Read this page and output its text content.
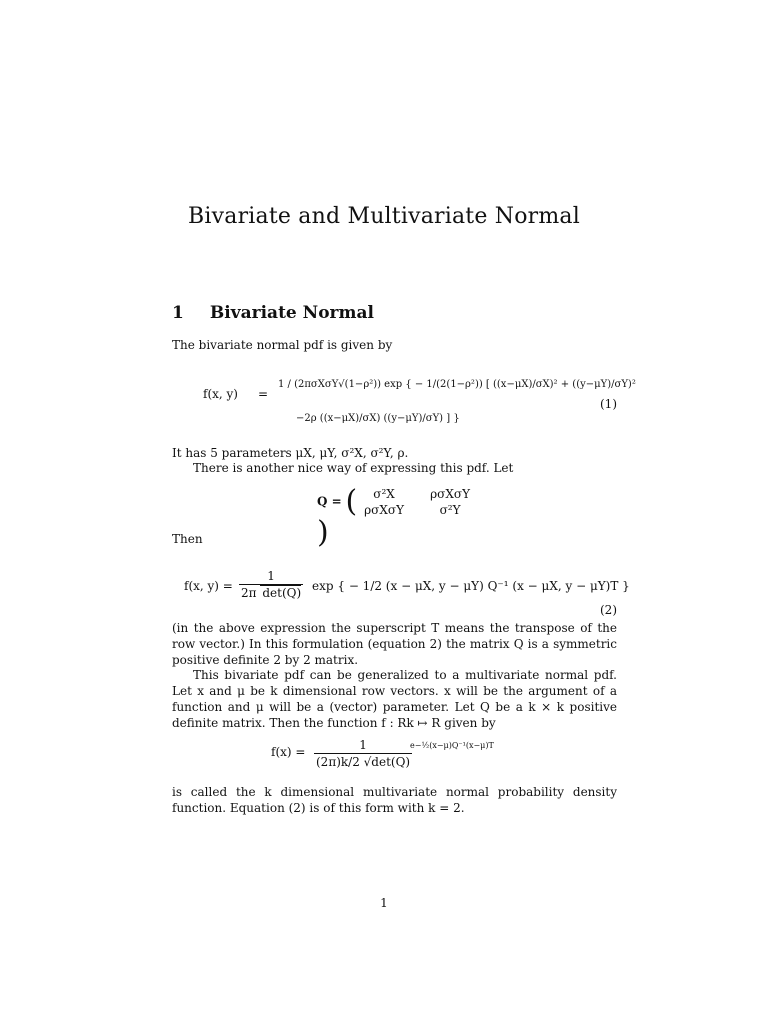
Bivariate and Multivariate Normal
1 Bivariate Normal
The bivariate normal pdf is given by
f(x, y) =
1 / (2πσXσY√(1−ρ²)) exp { − 1/(2(1−ρ²)) [ ((x−μX)/σX)² + ((y−μY)/σY)²
−2ρ ((x−μX)/σX) ((y−μY)/σY) ] }
(1)
It has 5 parameters μX, μY, σ²X, σ²Y, ρ.
There is another nice way of expressing this pdf. Let
Q = (	σ²X	ρσXσY
ρσXσY	σ²Y
)
Then
f(x, $y) = \frac{1}{\text{2π det(Q)}}$ exp { − 1/2 (x − μX, y − μY) Q⁻¹ (x − μX, y − μY)T }
(2)
(in the above expression the superscript T means the transpose of the row vector.) In this formulation (equation 2) the matrix Q is a symmetric positive definite 2 by 2 matrix.
This bivariate pdf can be generalized to a multivariate normal pdf. Let x and μ be k dimensional row vectors. x will be the argument of a function and μ will be a (vector) parameter. Let Q be a k × k positive definite matrix. Then the function f : Rk ↦ R given by
$f(x) = \frac{1}{(2\pi)k/2 √\det(Q)}$
e−½(x−μ)Q⁻¹(x−μ)T
is called the k dimensional multivariate normal probability density function. Equation (2) is of this form with k = 2.
1
